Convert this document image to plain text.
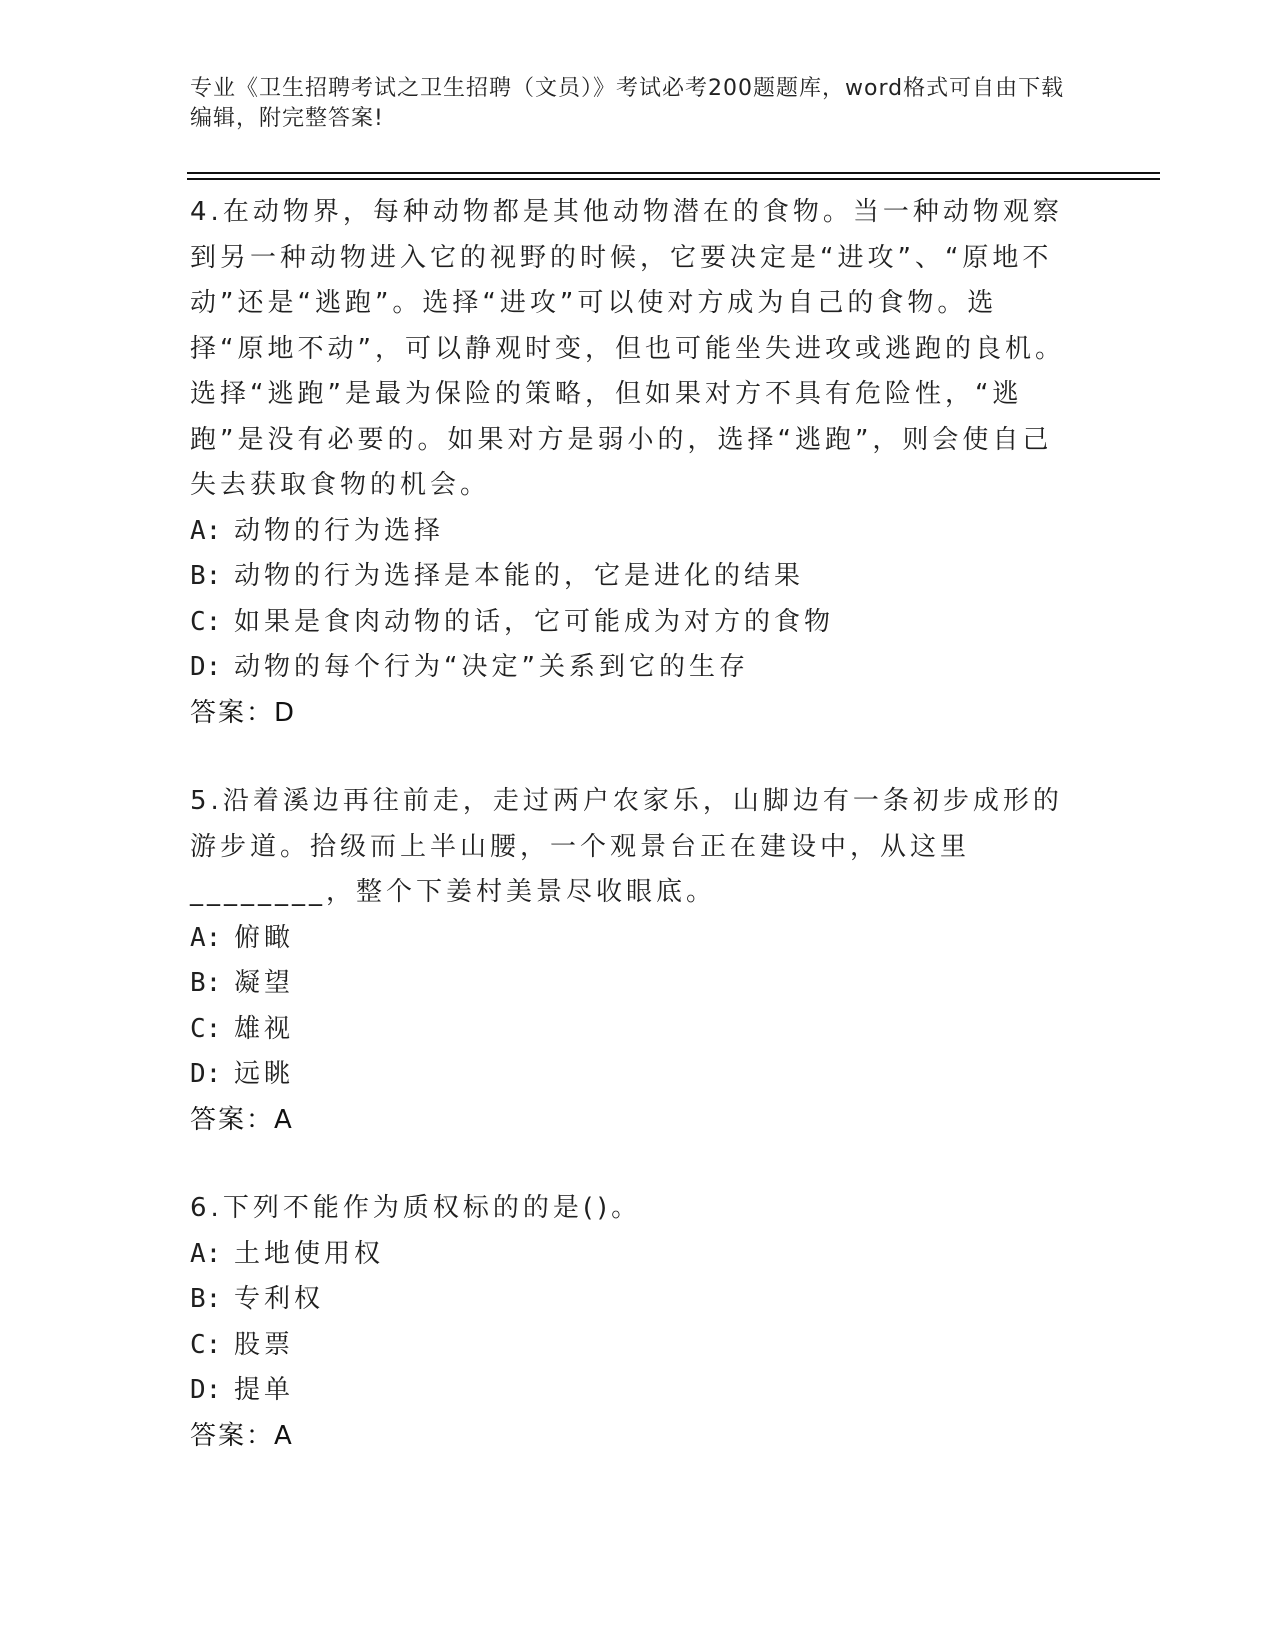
专业《卫生招聘考试之卫生招聘（文员）》考试必考200题题库，word格式可自由下载编辑，附完整答案!

4.在动物界，每种动物都是其他动物潜在的食物。当一种动物观察到另一种动物进入它的视野的时候，它要决定是“进攻”、“原地不动”还是“逃跑”。选择“进攻”可以使对方成为自己的食物。选择“原地不动”，可以静观时变，但也可能坐失进攻或逃跑的良机。选择“逃跑”是最为保险的策略，但如果对方不具有危险性，“逃跑”是没有必要的。如果对方是弱小的，选择“逃跑”，则会使自己失去获取食物的机会。

A: 动物的行为选择

B: 动物的行为选择是本能的，它是进化的结果

C: 如果是食肉动物的话，它可能成为对方的食物

D: 动物的每个行为“决定”关系到它的生存

答案：D

5.沿着溪边再往前走，走过两户农家乐，山脚边有一条初步成形的游步道。拾级而上半山腰，一个观景台正在建设中，从这里________，整个下姜村美景尽收眼底。

A: 俯瞰

B: 凝望

C: 雄视

D: 远眺

答案：A

6.下列不能作为质权标的的是()。

A: 土地使用权

B: 专利权

C: 股票

D: 提单

答案：A
